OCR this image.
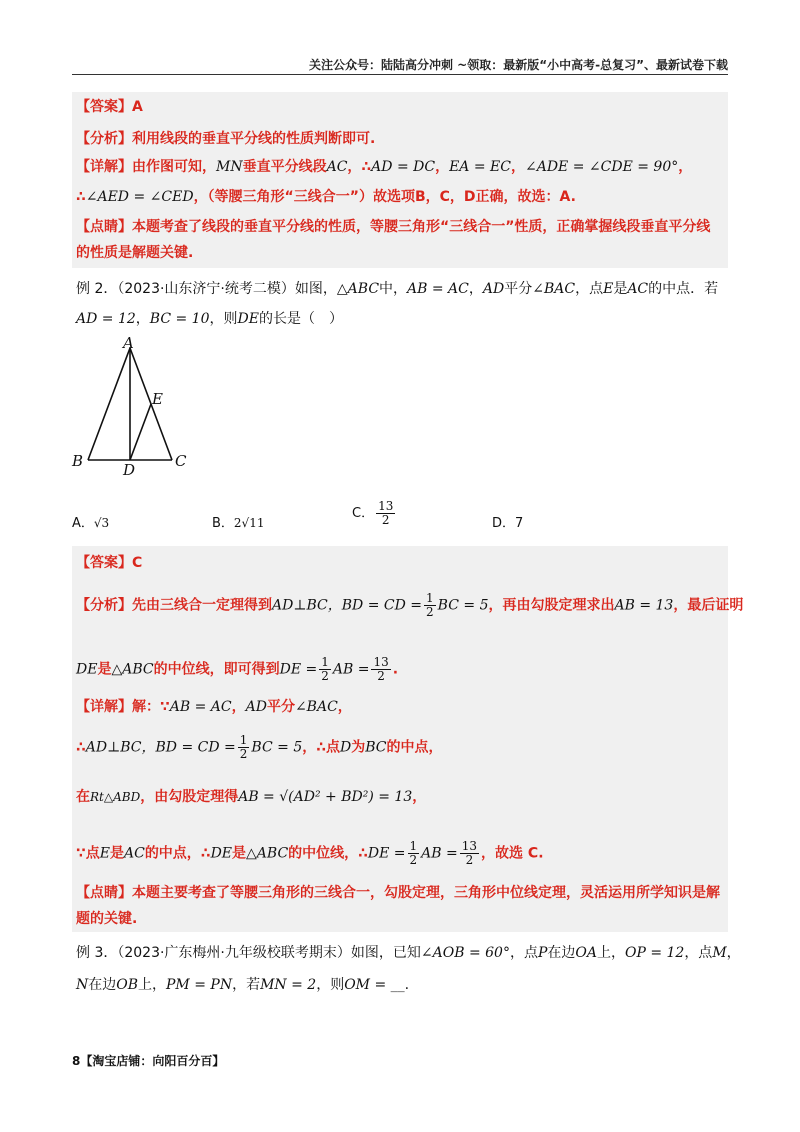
关注公众号：陆陆高分冲刺 ~领取：最新版“小中高考-总复习”、最新试卷下载
【答案】A
【分析】利用线段的垂直平分线的性质判断即可.
【详解】由作图可知，MN垂直平分线段AC，∴AD = DC，EA = EC，∠ADE = ∠CDE = 90°，
∴∠AED = ∠CED，（等腰三角形“三线合一”）故选项B，C，D正确，故选：A.
【点睛】本题考查了线段的垂直平分线的性质，等腰三角形“三线合一”性质，正确掌握线段垂直平分线
的性质是解题关键.
例 2．（2023·山东济宁·统考二模）如图，△ABC中，AB = AC，AD平分∠BAC，点E是AC的中点．若
AD = 12，BC = 10，则DE的长是（　）
A
B	C
D
E
A．√3	B．2√11
C． $\frac{13}{2}$	D．7
【答案】C
【分析】先由三线合一定理得到AD⊥BC，BD = CD = $\frac{1}{2}$ BC = 5，再由勾股定理求出AB = 13，最后证明
DE是△ABC的中位线，即可得到DE = $\frac{1}{2}$ AB = $\frac{13}{2}$ .
【详解】解：∵AB = AC，AD平分∠BAC，
∴AD⊥BC，BD = CD = $\frac{1}{2}$ BC = 5，∴点D为BC的中点，
在Rt△ABD，由勾股定理得AB = √(AD² + BD²) = 13，
∵点E是AC的中点，∴DE是△ABC的中位线，∴DE = $\frac{1}{2}$ AB = $\frac{13}{2}$ ，故选 C.
【点睛】本题主要考查了等腰三角形的三线合一，勾股定理，三角形中位线定理，灵活运用所学知识是解
题的关键.
例 3．（2023·广东梅州·九年级校联考期末）如图，已知∠AOB = 60°，点P在边OA上，OP = 12，点M，
N在边OB上，PM = PN，若MN = 2，则OM = __.
8【淘宝店铺：向阳百分百】
